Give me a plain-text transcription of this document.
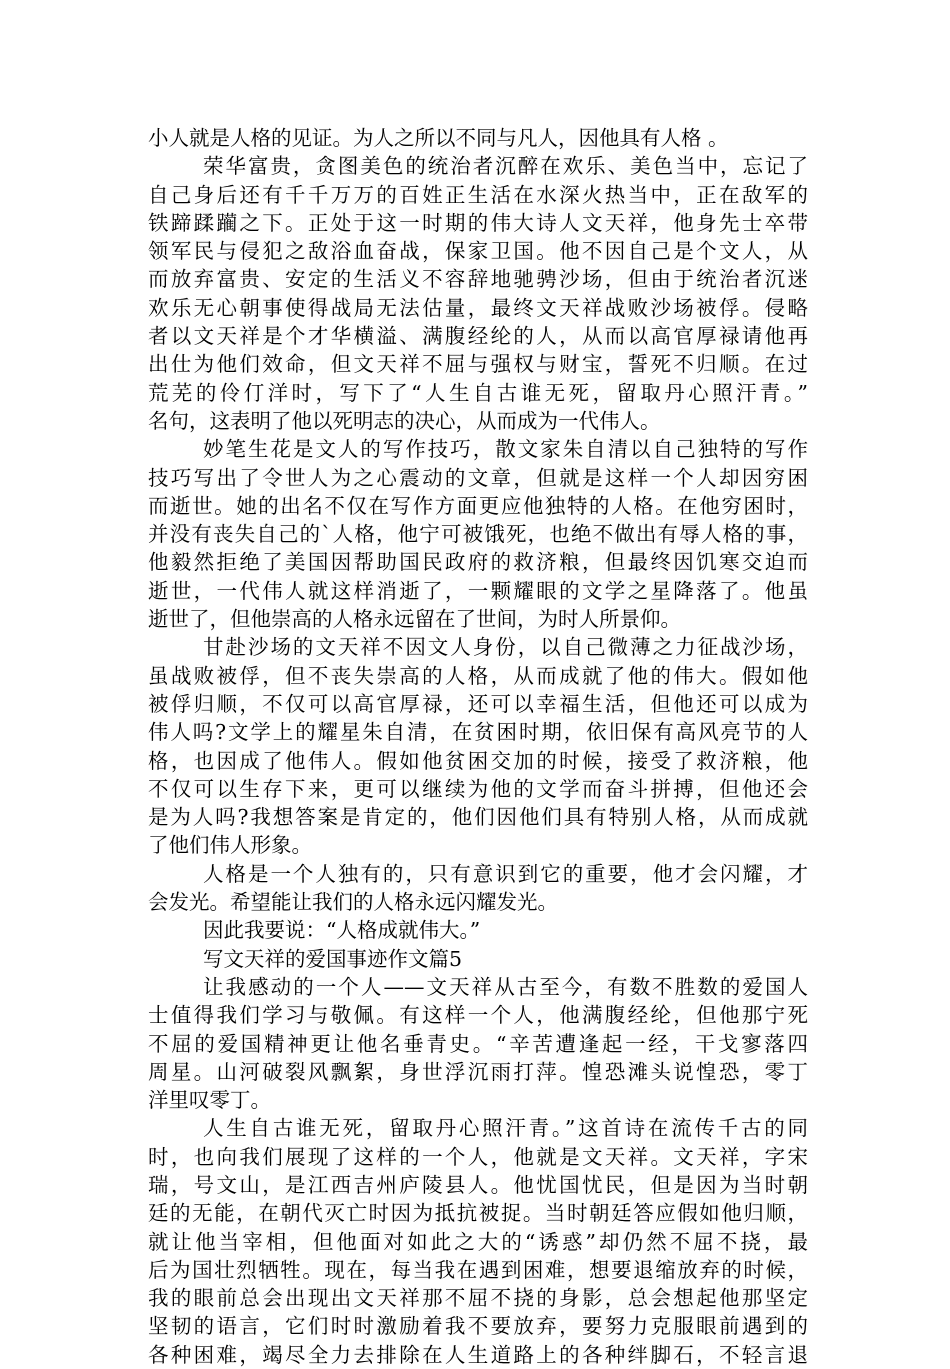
小人就是人格的见证。为人之所以不同与凡人，因他具有人格 。
荣华富贵，贪图美色的统治者沉醉在欢乐、美色当中，忘记了
自己身后还有千千万万的百姓正生活在水深火热当中，正在敌军的
铁蹄蹂躏之下。正处于这一时期的伟大诗人文天祥，他身先士卒带
领军民与侵犯之敌浴血奋战，保家卫国。他不因自己是个文人，从
而放弃富贵、安定的生活义不容辞地驰骋沙场，但由于统治者沉迷
欢乐无心朝事使得战局无法估量，最终文天祥战败沙场被俘。侵略
者以文天祥是个才华横溢、满腹经纶的人，从而以高官厚禄请他再
出仕为他们效命，但文天祥不屈与强权与财宝，誓死不归顺。在过
荒芜的伶仃洋时，写下了“人生自古谁无死，留取丹心照汗青。”
名句，这表明了他以死明志的决心，从而成为一代伟人。
妙笔生花是文人的写作技巧，散文家朱自清以自己独特的写作
技巧写出了令世人为之心震动的文章，但就是这样一个人却因穷困
而逝世。她的出名不仅在写作方面更应他独特的人格。在他穷困时，
并没有丧失自己的`人格，他宁可被饿死，也绝不做出有辱人格的事，
他毅然拒绝了美国因帮助国民政府的救济粮，但最终因饥寒交迫而
逝世，一代伟人就这样消逝了，一颗耀眼的文学之星降落了。他虽
逝世了，但他崇高的人格永远留在了世间，为时人所景仰。
甘赴沙场的文天祥不因文人身份，以自己微薄之力征战沙场，
虽战败被俘，但不丧失崇高的人格，从而成就了他的伟大。假如他
被俘归顺，不仅可以高官厚禄，还可以幸福生活，但他还可以成为
伟人吗?文学上的耀星朱自清，在贫困时期，依旧保有高风亮节的人
格，也因成了他伟人。假如他贫困交加的时候，接受了救济粮，他
不仅可以生存下来，更可以继续为他的文学而奋斗拼搏，但他还会
是为人吗?我想答案是肯定的，他们因他们具有特别人格，从而成就
了他们伟人形象。
人格是一个人独有的，只有意识到它的重要，他才会闪耀，才
会发光。希望能让我们的人格永远闪耀发光。
因此我要说：“人格成就伟大。”
写文天祥的爱国事迹作文篇5
让我感动的一个人——文天祥从古至今，有数不胜数的爱国人
士值得我们学习与敬佩。有这样一个人，他满腹经纶，但他那宁死
不屈的爱国精神更让他名垂青史。“辛苦遭逢起一经，干戈寥落四
周星。山河破裂风飘絮，身世浮沉雨打萍。惶恐滩头说惶恐，零丁
洋里叹零丁。
人生自古谁无死，留取丹心照汗青。”这首诗在流传千古的同
时，也向我们展现了这样的一个人，他就是文天祥。文天祥，字宋
瑞，号文山，是江西吉州庐陵县人。他忧国忧民，但是因为当时朝
廷的无能，在朝代灭亡时因为抵抗被捉。当时朝廷答应假如他归顺，
就让他当宰相，但他面对如此之大的“诱惑”却仍然不屈不挠，最
后为国壮烈牺牲。现在，每当我在遇到困难，想要退缩放弃的时候，
我的眼前总会出现出文天祥那不屈不挠的身影，总会想起他那坚定
坚韧的语言，它们时时激励着我不要放弃，要努力克服眼前遇到的
各种困难，竭尽全力去排除在人生道路上的各种绊脚石，不轻言退
